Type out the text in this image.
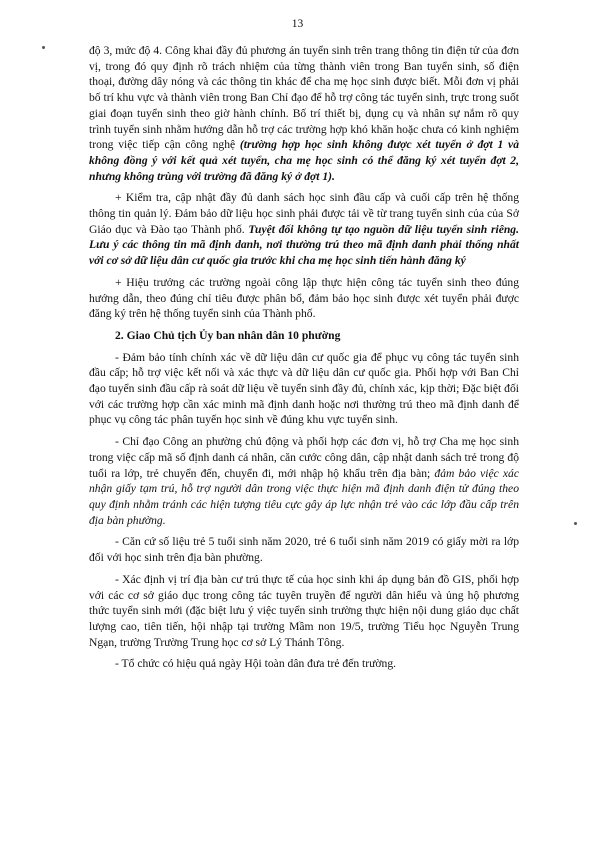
13

độ 3, mức độ 4. Công khai đầy đủ phương án tuyển sinh trên trang thông tin điện tử của đơn vị, trong đó quy định rõ trách nhiệm của từng thành viên trong Ban tuyển sinh, số điện thoại, đường dây nóng và các thông tin khác để cha mẹ học sinh được biết. Mỗi đơn vị phải bố trí khu vực và thành viên trong Ban Chỉ đạo để hỗ trợ công tác tuyển sinh, trực trong suốt giai đoạn tuyển sinh theo giờ hành chính. Bố trí thiết bị, dụng cụ và nhân sự nắm rõ quy trình tuyển sinh nhằm hướng dẫn hỗ trợ các trường hợp khó khăn hoặc chưa có kinh nghiệm trong việc tiếp cận công nghệ (trường hợp học sinh không được xét tuyển ở đợt 1 và không đồng ý với kết quả xét tuyển, cha mẹ học sinh có thể đăng ký xét tuyển đợt 2, nhưng không trùng với trường đã đăng ký ở đợt 1).

+ Kiểm tra, cập nhật đầy đủ danh sách học sinh đầu cấp và cuối cấp trên hệ thống thông tin quản lý. Đảm bảo dữ liệu học sinh phải được tải về từ trang tuyển sinh của của Sở Giáo dục và Đào tạo Thành phố. Tuyệt đối không tự tạo nguồn dữ liệu tuyển sinh riêng. Lưu ý các thông tin mã định danh, nơi thường trú theo mã định danh phải thống nhất với cơ sở dữ liệu dân cư quốc gia trước khi cha mẹ học sinh tiến hành đăng ký

+ Hiệu trưởng các trường ngoài công lập thực hiện công tác tuyển sinh theo đúng hướng dẫn, theo đúng chỉ tiêu được phân bổ, đảm bảo học sinh được xét tuyển phải được đăng ký trên hệ thống tuyển sinh của Thành phố.

2. Giao Chủ tịch Ủy ban nhân dân 10 phường

- Đảm bảo tính chính xác về dữ liệu dân cư quốc gia để phục vụ công tác tuyển sinh đầu cấp; hỗ trợ việc kết nối và xác thực và dữ liệu dân cư quốc gia. Phối hợp với Ban Chỉ đạo tuyển sinh đầu cấp rà soát dữ liệu về tuyển sinh đầy đủ, chính xác, kịp thời; Đặc biệt đối với các trường hợp cần xác minh mã định danh hoặc nơi thường trú theo mã định danh để phục vụ công tác phân tuyến học sinh về đúng khu vực tuyển sinh.

- Chỉ đạo Công an phường chủ động và phối hợp các đơn vị, hỗ trợ Cha mẹ học sinh trong việc cấp mã số định danh cá nhân, căn cước công dân, cập nhật danh sách trẻ trong độ tuổi ra lớp, trẻ chuyển đến, chuyển đi, mới nhập hộ khẩu trên địa bàn; đảm bảo việc xác nhận giấy tạm trú, hỗ trợ người dân trong việc thực hiện mã định danh điện tử đúng theo quy định nhằm tránh các hiện tượng tiêu cực gây áp lực nhận trẻ vào các lớp đầu cấp trên địa bàn phường.

- Căn cứ số liệu trẻ 5 tuổi sinh năm 2020, trẻ 6 tuổi sinh năm 2019 có giấy mời ra lớp đối với học sinh trên địa bàn phường.

- Xác định vị trí địa bàn cư trú thực tế của học sinh khi áp dụng bản đồ GIS, phối hợp với các cơ sở giáo dục trong công tác tuyên truyền để người dân hiểu và ủng hộ phương thức tuyển sinh mới (đặc biệt lưu ý việc tuyển sinh trường thực hiện nội dung giáo dục chất lượng cao, tiên tiến, hội nhập tại trường Mầm non 19/5, trường Tiểu học Nguyễn Trung Ngạn, trường Trường Trung học cơ sở Lý Thánh Tông.

- Tổ chức có hiệu quả ngày Hội toàn dân đưa trẻ đến trường.
